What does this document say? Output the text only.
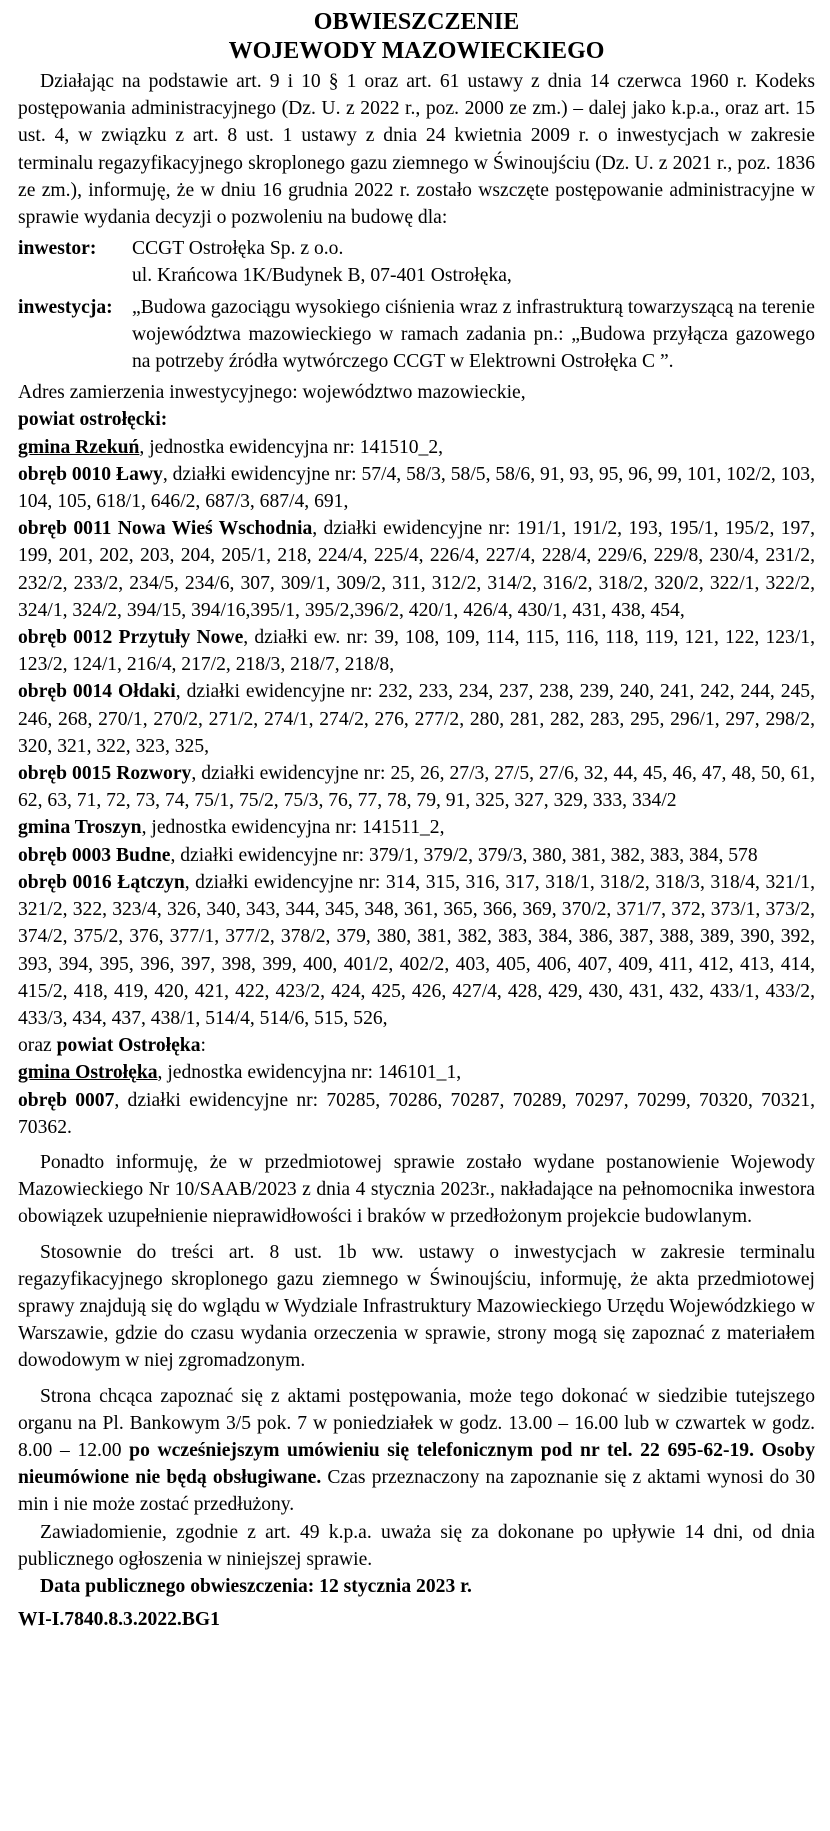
OBWIESZCZENIE
WOJEWODY MAZOWIECKIEGO

Działając na podstawie art. 9 i 10 § 1 oraz art. 61 ustawy z dnia 14 czerwca 1960 r. Kodeks postępowania administracyjnego (Dz. U. z 2022 r., poz. 2000 ze zm.) – dalej jako k.p.a., oraz art. 15 ust. 4, w związku z art. 8 ust. 1 ustawy z dnia 24 kwietnia 2009 r. o inwestycjach w zakresie terminalu regazyfikacyjnego skroplonego gazu ziemnego w Świnoujściu (Dz. U. z 2021 r., poz. 1836 ze zm.), informuję, że w dniu 16 grudnia 2022 r. zostało wszczęte postępowanie administracyjne w sprawie wydania decyzji o pozwoleniu na budowę dla:

inwestor:	CCGT Ostrołęka Sp. z o.o.
ul. Krańcowa 1K/Budynek B, 07-401 Ostrołęka,
inwestycja: „Budowa gazociągu wysokiego ciśnienia wraz z infrastrukturą towarzyszącą na terenie województwa mazowieckiego w ramach zadania pn.: „Budowa przyłącza gazowego na potrzeby źródła wytwórczego CCGT w Elektrowni Ostrołęka C ”.

Adres zamierzenia inwestycyjnego: województwo mazowieckie,

powiat ostrołęcki:

gmina Rzekuń, jednostka ewidencyjna nr: 141510_2,

obręb 0010 Ławy, działki ewidencyjne nr: 57/4, 58/3, 58/5, 58/6, 91, 93, 95, 96, 99, 101, 102/2, 103, 104, 105, 618/1, 646/2, 687/3, 687/4, 691,

obręb 0011 Nowa Wieś Wschodnia, działki ewidencyjne nr: 191/1, 191/2, 193, 195/1, 195/2, 197, 199, 201, 202, 203, 204, 205/1, 218, 224/4, 225/4, 226/4, 227/4, 228/4, 229/6, 229/8, 230/4, 231/2, 232/2, 233/2, 234/5, 234/6, 307, 309/1, 309/2, 311, 312/2, 314/2, 316/2, 318/2, 320/2, 322/1, 322/2, 324/1, 324/2, 394/15, 394/16,395/1, 395/2,396/2, 420/1, 426/4, 430/1, 431, 438, 454,

obręb 0012 Przytuły Nowe, działki ew. nr: 39, 108, 109, 114, 115, 116, 118, 119, 121, 122, 123/1, 123/2, 124/1, 216/4, 217/2, 218/3, 218/7, 218/8,

obręb 0014 Ołdaki, działki ewidencyjne nr: 232, 233, 234, 237, 238, 239, 240, 241, 242, 244, 245, 246, 268, 270/1, 270/2, 271/2, 274/1, 274/2, 276, 277/2, 280, 281, 282, 283, 295, 296/1, 297, 298/2, 320, 321, 322, 323, 325,

obręb 0015 Rozwory, działki ewidencyjne nr: 25, 26, 27/3, 27/5, 27/6, 32, 44, 45, 46, 47, 48, 50, 61, 62, 63, 71, 72, 73, 74, 75/1, 75/2, 75/3, 76, 77, 78, 79, 91, 325, 327, 329, 333, 334/2

gmina Troszyn, jednostka ewidencyjna nr: 141511_2,

obręb 0003 Budne, działki ewidencyjne nr: 379/1, 379/2, 379/3, 380, 381, 382, 383, 384, 578

obręb 0016 Łątczyn, działki ewidencyjne nr: 314, 315, 316, 317, 318/1, 318/2, 318/3, 318/4, 321/1, 321/2, 322, 323/4, 326, 340, 343, 344, 345, 348, 361, 365, 366, 369, 370/2, 371/7, 372, 373/1, 373/2, 374/2, 375/2, 376, 377/1, 377/2, 378/2, 379, 380, 381, 382, 383, 384, 386, 387, 388, 389, 390, 392, 393, 394, 395, 396, 397, 398, 399, 400, 401/2, 402/2, 403, 405, 406, 407, 409, 411, 412, 413, 414, 415/2, 418, 419, 420, 421, 422, 423/2, 424, 425, 426, 427/4, 428, 429, 430, 431, 432, 433/1, 433/2, 433/3, 434, 437, 438/1, 514/4, 514/6, 515, 526,

oraz powiat Ostrołęka:

gmina Ostrołęka, jednostka ewidencyjna nr: 146101_1,

obręb 0007, działki ewidencyjne nr: 70285, 70286, 70287, 70289, 70297, 70299, 70320, 70321, 70362.

Ponadto informuję, że w przedmiotowej sprawie zostało wydane postanowienie Wojewody Mazowieckiego Nr 10/SAAB/2023 z dnia 4 stycznia 2023r., nakładające na pełnomocnika inwestora obowiązek uzupełnienie nieprawidłowości i braków w przedłożonym projekcie budowlanym.

Stosownie do treści art. 8 ust. 1b ww. ustawy o inwestycjach w zakresie terminalu regazyfikacyjnego skroplonego gazu ziemnego w Świnoujściu, informuję, że akta przedmiotowej sprawy znajdują się do wglądu w Wydziale Infrastruktury Mazowieckiego Urzędu Wojewódzkiego w Warszawie, gdzie do czasu wydania orzeczenia w sprawie, strony mogą się zapoznać z materiałem dowodowym w niej zgromadzonym.

Strona chcąca zapoznać się z aktami postępowania, może tego dokonać w siedzibie tutejszego organu na Pl. Bankowym 3/5 pok. 7 w poniedziałek w godz. 13.00 – 16.00 lub w czwartek w godz. 8.00 – 12.00 po wcześniejszym umówieniu się telefonicznym pod nr tel. 22 695-62-19. Osoby nieumówione nie będą obsługiwane. Czas przeznaczony na zapoznanie się z aktami wynosi do 30 min i nie może zostać przedłużony.

Zawiadomienie, zgodnie z art. 49 k.p.a. uważa się za dokonane po upływie 14 dni, od dnia publicznego ogłoszenia w niniejszej sprawie.

Data publicznego obwieszczenia: 12 stycznia 2023 r.

WI-I.7840.8.3.2022.BG1
